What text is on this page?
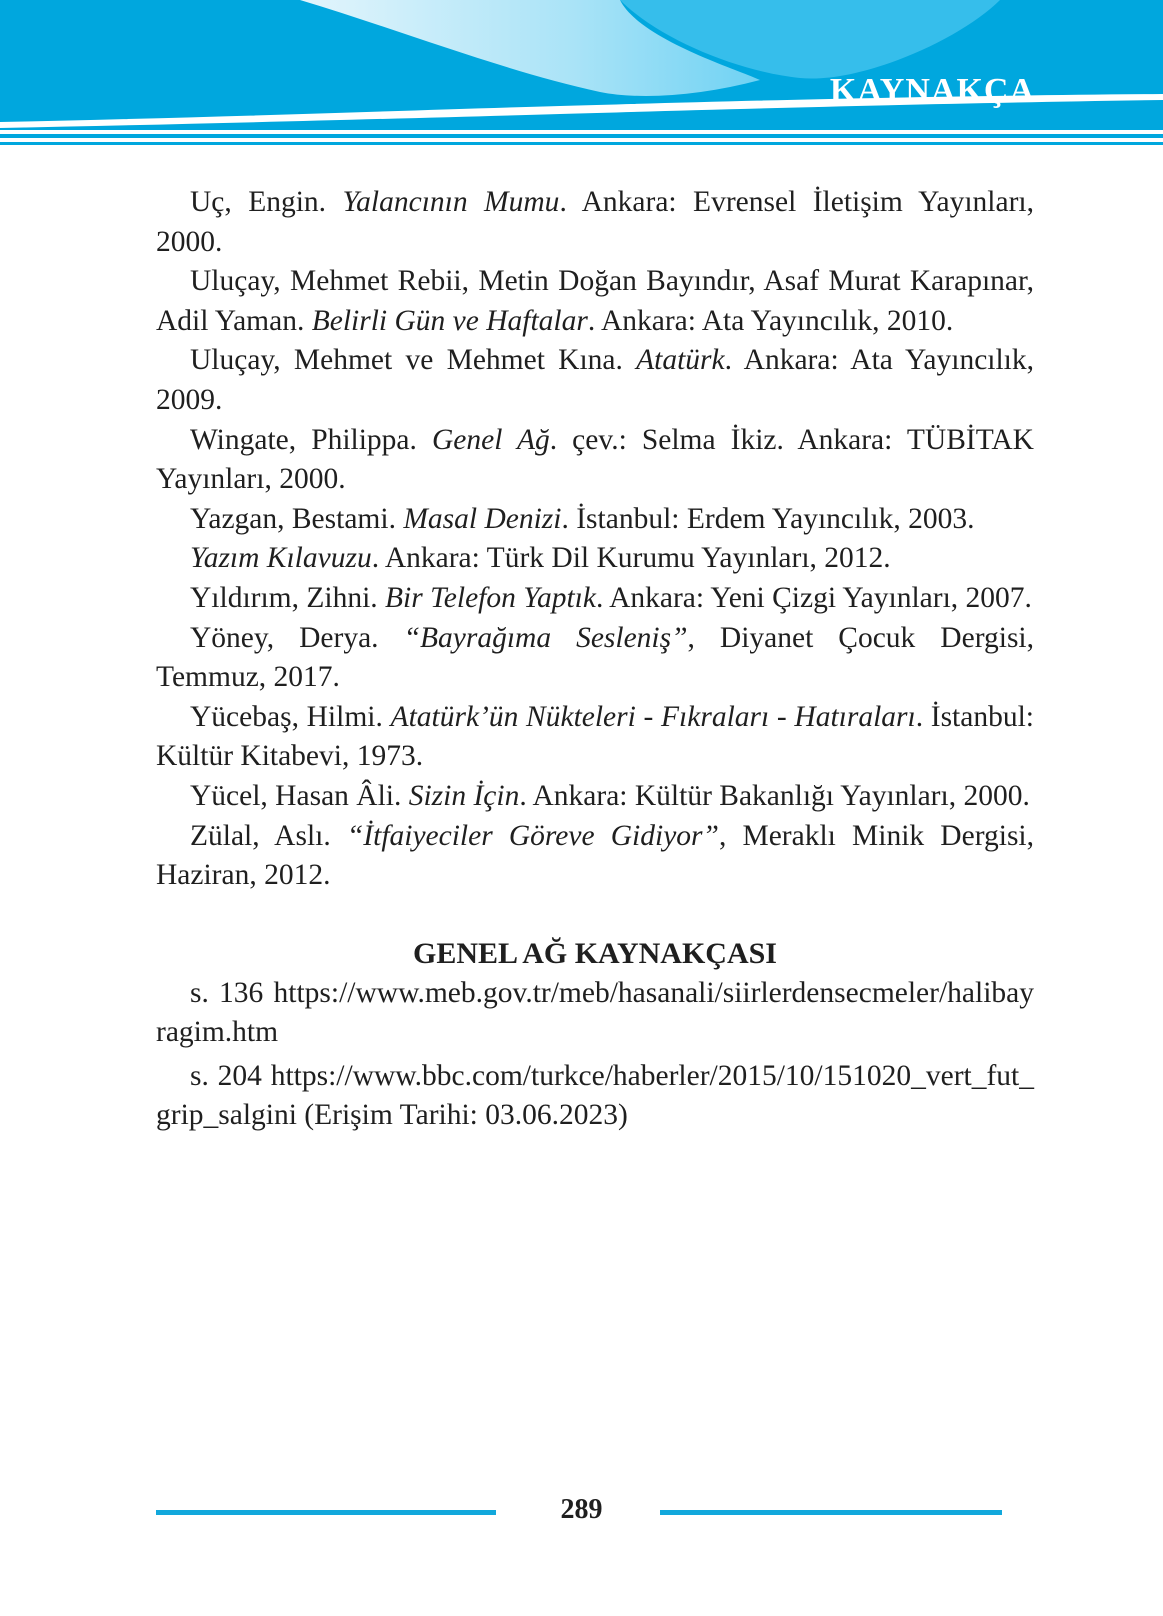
KAYNAKÇA

Uç, Engin. Yalancının Mumu. Ankara: Evrensel İletişim Yayınları, 2000.

Uluçay, Mehmet Rebii, Metin Doğan Bayındır, Asaf Murat Karapınar, Adil Yaman. Belirli Gün ve Haftalar. Ankara: Ata Yayıncılık, 2010.

Uluçay, Mehmet ve Mehmet Kına. Atatürk. Ankara: Ata Yayıncılık, 2009.

Wingate, Philippa. Genel Ağ. çev.: Selma İkiz. Ankara: TÜBİTAK Yayınları, 2000.

Yazgan, Bestami. Masal Denizi. İstanbul: Erdem Yayıncılık, 2003.

Yazım Kılavuzu. Ankara: Türk Dil Kurumu Yayınları, 2012.

Yıldırım, Zihni. Bir Telefon Yaptık. Ankara: Yeni Çizgi Yayınları, 2007.

Yöney, Derya. “Bayrağıma Sesleniş”, Diyanet Çocuk Dergisi, Temmuz, 2017.

Yücebaş, Hilmi. Atatürk’ün Nükteleri - Fıkraları - Hatıraları. İstanbul: Kültür Kitabevi, 1973.

Yücel, Hasan Âli. Sizin İçin. Ankara: Kültür Bakanlığı Yayınları, 2000.

Zülal, Aslı. “İtfaiyeciler Göreve Gidiyor”, Meraklı Minik Dergisi, Haziran, 2012.

GENEL AĞ KAYNAKÇASI

s. 136 https://www.meb.gov.tr/meb/hasanali/siirlerdensecmeler/halibayragim.htm

s. 204 https://www.bbc.com/turkce/haberler/2015/10/151020_vert_fut_grip_salgini (Erişim Tarihi: 03.06.2023)

289
